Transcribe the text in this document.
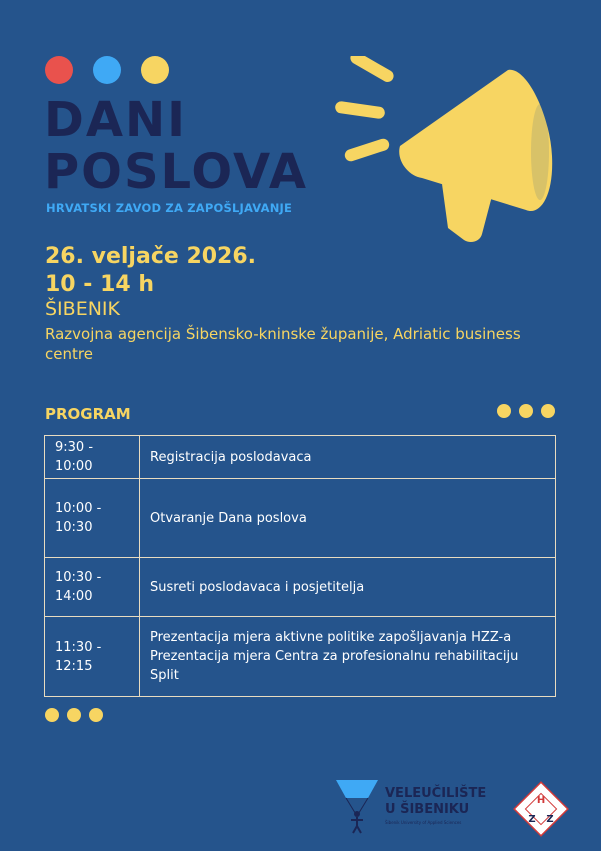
DANI
POSLOVA
HRVATSKI ZAVOD ZA ZAPOŠLJAVANJE
26. veljače 2026.
10 - 14 h
ŠIBENIK
Razvojna agencija Šibensko-kninske županije, Adriatic business centre
PROGRAM
9:30 - 10:00	Registracija poslodavaca
10:00 - 10:30	Otvaranje Dana poslova
10:30 - 14:00	Susreti poslodavaca i posjetitelja
11:30 - 12:15	Prezentacija mjera aktivne politike zapošljavanja HZZ-a
Prezentacija mjera Centra za profesionalnu rehabilitaciju
Split
VELEUČILIŠTE
U ŠIBENIKU
Šibenik University of Applied Sciences
H
Z Z
